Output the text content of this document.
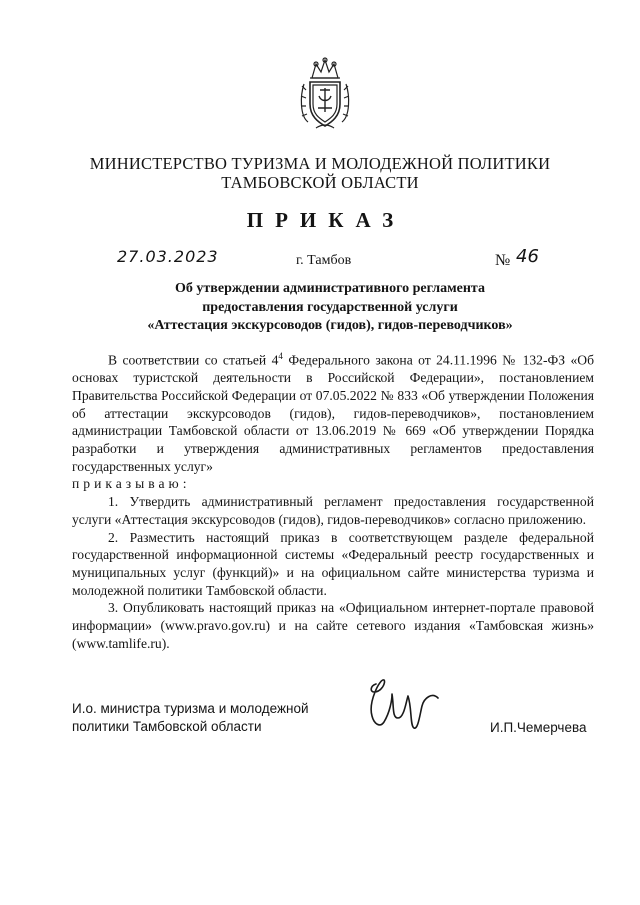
МИНИСТЕРСТВО ТУРИЗМА И МОЛОДЕЖНОЙ ПОЛИТИКИ
ТАМБОВСКОЙ ОБЛАСТИ
ПРИКАЗ
27.03.2023	г. Тамбов	№ 46
Об утверждении административного регламента
предоставления государственной услуги
«Аттестация экскурсоводов (гидов), гидов-переводчиков»

В соответствии со статьей $4^4$ Федерального закона от 24.11.1996 № 132-ФЗ «Об основах туристской деятельности в Российской Федерации», постановлением Правительства Российской Федерации от 07.05.2022 № 833 «Об утверждении Положения об аттестации экскурсоводов (гидов), гидов-переводчиков», постановлением администрации Тамбовской области от 13.06.2019 № 669 «Об утверждении Порядка разработки и утверждения административных регламентов предоставления государственных услуг»

приказываю:

1. Утвердить административный регламент предоставления государственной услуги «Аттестация экскурсоводов (гидов), гидов-переводчиков» согласно приложению.

2. Разместить настоящий приказ в соответствующем разделе федеральной государственной информационной системы «Федеральный реестр государственных и муниципальных услуг (функций)» и на официальном сайте министерства туризма и молодежной политики Тамбовской области.

3. Опубликовать настоящий приказ на «Официальном интернет-портале правовой информации» (www.pravo.gov.ru) и на сайте сетевого издания «Тамбовская жизнь» (www.tamlife.ru).

И.о. министра туризма и молодежной
политики Тамбовской области	И.П.Чемерчева
